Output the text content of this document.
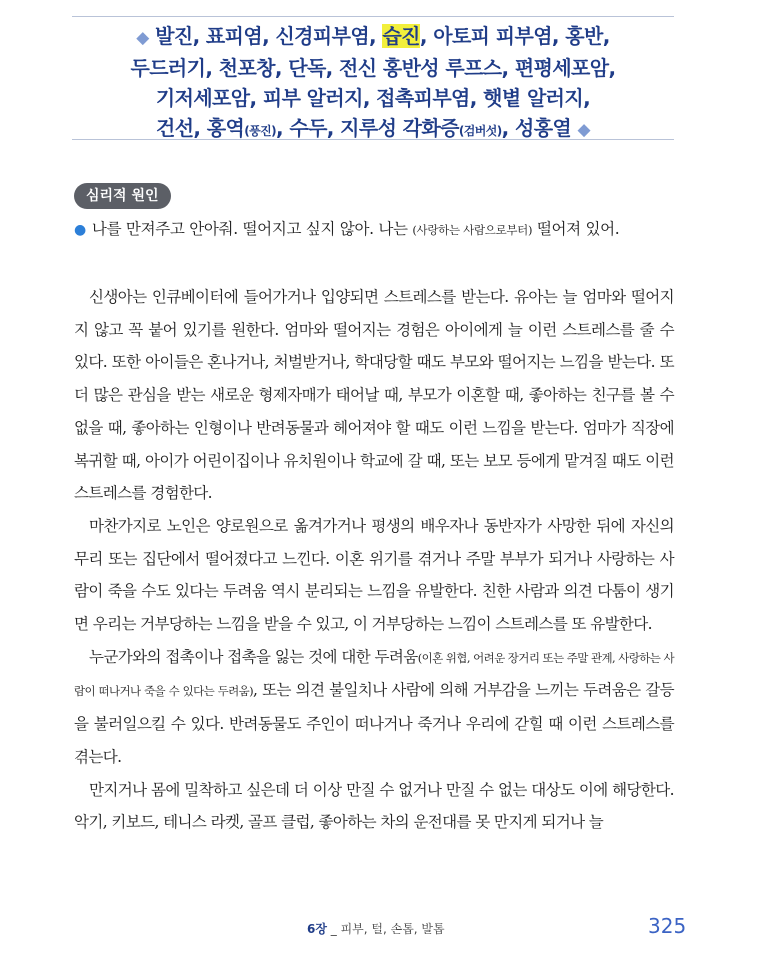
◆ 발진, 표피염, 신경피부염, 습진, 아토피 피부염, 홍반,
두드러기, 천포창, 단독, 전신 홍반성 루프스, 편평세포암,
기저세포암, 피부 알러지, 접촉피부염, 햇볕 알러지,
건선, 홍역(풍진), 수두, 지루성 각화증(검버섯), 성홍열 ◆
심리적 원인
● 나를 만져주고 안아줘. 떨어지고 싶지 않아. 나는 (사랑하는 사람으로부터) 떨어져 있어.

신생아는 인큐베이터에 들어가거나 입양되면 스트레스를 받는다. 유아는 늘 엄마와 떨어지지 않고 꼭 붙어 있기를 원한다. 엄마와 떨어지는 경험은 아이에게 늘 이런 스트레스를 줄 수 있다. 또한 아이들은 혼나거나, 처벌받거나, 학대당할 때도 부모와 떨어지는 느낌을 받는다. 또 더 많은 관심을 받는 새로운 형제자매가 태어날 때, 부모가 이혼할 때, 좋아하는 친구를 볼 수 없을 때, 좋아하는 인형이나 반려동물과 헤어져야 할 때도 이런 느낌을 받는다. 엄마가 직장에 복귀할 때, 아이가 어린이집이나 유치원이나 학교에 갈 때, 또는 보모 등에게 맡겨질 때도 이런 스트레스를 경험한다.

마찬가지로 노인은 양로원으로 옮겨가거나 평생의 배우자나 동반자가 사망한 뒤에 자신의 무리 또는 집단에서 떨어졌다고 느낀다. 이혼 위기를 겪거나 주말 부부가 되거나 사랑하는 사람이 죽을 수도 있다는 두려움 역시 분리되는 느낌을 유발한다. 친한 사람과 의견 다툼이 생기면 우리는 거부당하는 느낌을 받을 수 있고, 이 거부당하는 느낌이 스트레스를 또 유발한다.

누군가와의 접촉이나 접촉을 잃는 것에 대한 두려움(이혼 위협, 어려운 장거리 또는 주말 관계, 사랑하는 사람이 떠나거나 죽을 수 있다는 두려움), 또는 의견 불일치나 사람에 의해 거부감을 느끼는 두려움은 갈등을 불러일으킬 수 있다. 반려동물도 주인이 떠나거나 죽거나 우리에 갇힐 때 이런 스트레스를 겪는다.

만지거나 몸에 밀착하고 싶은데 더 이상 만질 수 없거나 만질 수 없는 대상도 이에 해당한다. 악기, 키보드, 테니스 라켓, 골프 클럽, 좋아하는 차의 운전대를 못 만지게 되거나 늘

6장 _ 피부, 털, 손톱, 발톱	325
